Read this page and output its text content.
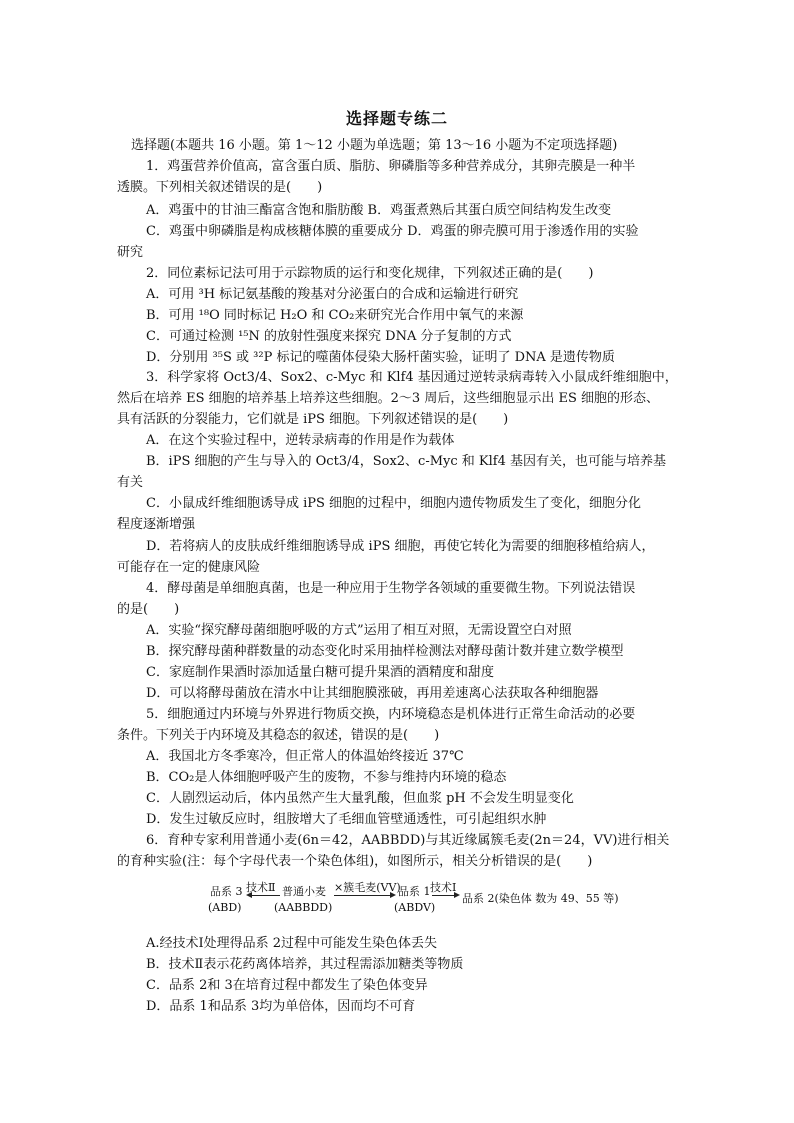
选择题专练二
选择题(本题共 16 小题。第 1～12 小题为单选题；第 13～16 小题为不定项选择题)
1．鸡蛋营养价值高，富含蛋白质、脂肪、卵磷脂等多种营养成分，其卵壳膜是一种半
透膜。下列相关叙述错误的是(　　)
A．鸡蛋中的甘油三酯富含饱和脂肪酸 B．鸡蛋煮熟后其蛋白质空间结构发生改变
C．鸡蛋中卵磷脂是构成核糖体膜的重要成分 D．鸡蛋的卵壳膜可用于渗透作用的实验
研究
2．同位素标记法可用于示踪物质的运行和变化规律，下列叙述正确的是(　　)
A．可用 ³H 标记氨基酸的羧基对分泌蛋白的合成和运输进行研究
B．可用 ¹⁸O 同时标记 H₂O 和 CO₂来研究光合作用中氧气的来源
C．可通过检测 ¹⁵N 的放射性强度来探究 DNA 分子复制的方式
D．分别用 ³⁵S 或 ³²P 标记的噬菌体侵染大肠杆菌实验，证明了 DNA 是遗传物质
3．科学家将 Oct3/4、Sox2、c-Myc 和 Klf4 基因通过逆转录病毒转入小鼠成纤维细胞中，
然后在培养 ES 细胞的培养基上培养这些细胞。2～3 周后，这些细胞显示出 ES 细胞的形态、
具有活跃的分裂能力，它们就是 iPS 细胞。下列叙述错误的是(　　)
A．在这个实验过程中，逆转录病毒的作用是作为载体
B．iPS 细胞的产生与导入的 Oct3/4，Sox2、c-Myc 和 Klf4 基因有关，也可能与培养基
有关
C．小鼠成纤维细胞诱导成 iPS 细胞的过程中，细胞内遗传物质发生了变化，细胞分化
程度逐渐增强
D．若将病人的皮肤成纤维细胞诱导成 iPS 细胞，再使它转化为需要的细胞移植给病人，
可能存在一定的健康风险
4．酵母菌是单细胞真菌，也是一种应用于生物学各领域的重要微生物。下列说法错误
的是(　　)
A．实验“探究酵母菌细胞呼吸的方式”运用了相互对照，无需设置空白对照
B．探究酵母菌种群数量的动态变化时采用抽样检测法对酵母菌计数并建立数学模型
C．家庭制作果酒时添加适量白糖可提升果酒的酒精度和甜度
D．可以将酵母菌放在清水中让其细胞膜涨破，再用差速离心法获取各种细胞器
5．细胞通过内环境与外界进行物质交换，内环境稳态是机体进行正常生命活动的必要
条件。下列关于内环境及其稳态的叙述，错误的是(　　)
A．我国北方冬季寒冷，但正常人的体温始终接近 37℃
B．CO₂是人体细胞呼吸产生的废物，不参与维持内环境的稳态
C．人剧烈运动后，体内虽然产生大量乳酸，但血浆 pH 不会发生明显变化
D．发生过敏反应时，组胺增大了毛细血管壁通透性，可引起组织水肿
6．育种专家利用普通小麦(6n＝42，AABBDD)与其近缘属簇毛麦(2n＝24，VV)进行相关
的育种实验(注：每个字母代表一个染色体组)，如图所示，相关分析错误的是(　　)
品系 3
(ABD)
技术Ⅱ 普通小麦
(AABBDD)
×簇毛麦(VV)
品系 1
(ABDV)
技术Ⅰ
品系 2(染色体 数为 49、55 等)
A.经技术Ⅰ处理得品系 2过程中可能发生染色体丢失
B．技术Ⅱ表示花药离体培养，其过程需添加糖类等物质
C．品系 2和 3在培育过程中都发生了染色体变异
D．品系 1和品系 3均为单倍体，因而均不可育
